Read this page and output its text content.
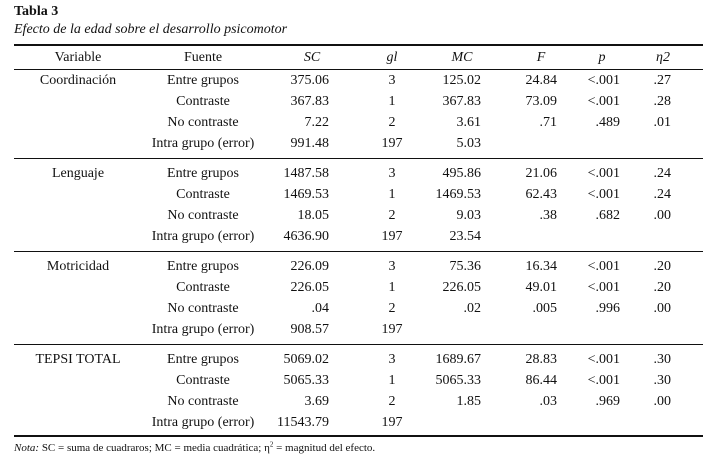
Tabla 3
Efecto de la edad sobre el desarrollo psicomotor
Variable	Fuente	SC	gl	MC	F	p	η2
Coordinación	Entre grupos	375.06	3	125.02	24.84 <.001 .27
Contraste	367.83	1	367.83	73.09 <.001 .28
No contraste	7.22	2	3.61	.71	.489 .01
Intra grupo (error)	991.48	197	5.03
Lenguaje	Entre grupos	1487.58	3	495.86	21.06 <.001 .24
Contraste	1469.53	1	1469.53	62.43 <.001 .24
No contraste	18.05	2	9.03	.38	.682 .00
Intra grupo (error) 4636.90	197	23.54
Motricidad	Entre grupos	226.09	3	75.36	16.34 <.001 .20
Contraste	226.05	1	226.05	49.01 <.001 .20
No contraste	.04	2	.02	.005	.996 .00
Intra grupo (error)	908.57	197
TEPSI TOTAL	Entre grupos	5069.02	3	1689.67	28.83 <.001 .30
Contraste	5065.33	1	5065.33	86.44 <.001 .30
No contraste	3.69	2	1.85	.03	.969 .00
Intra grupo (error) 11543.79	197
Nota: SC = suma de cuadraros; MC = media cuadrática; $\eta^2$ = magnitud del efecto.
